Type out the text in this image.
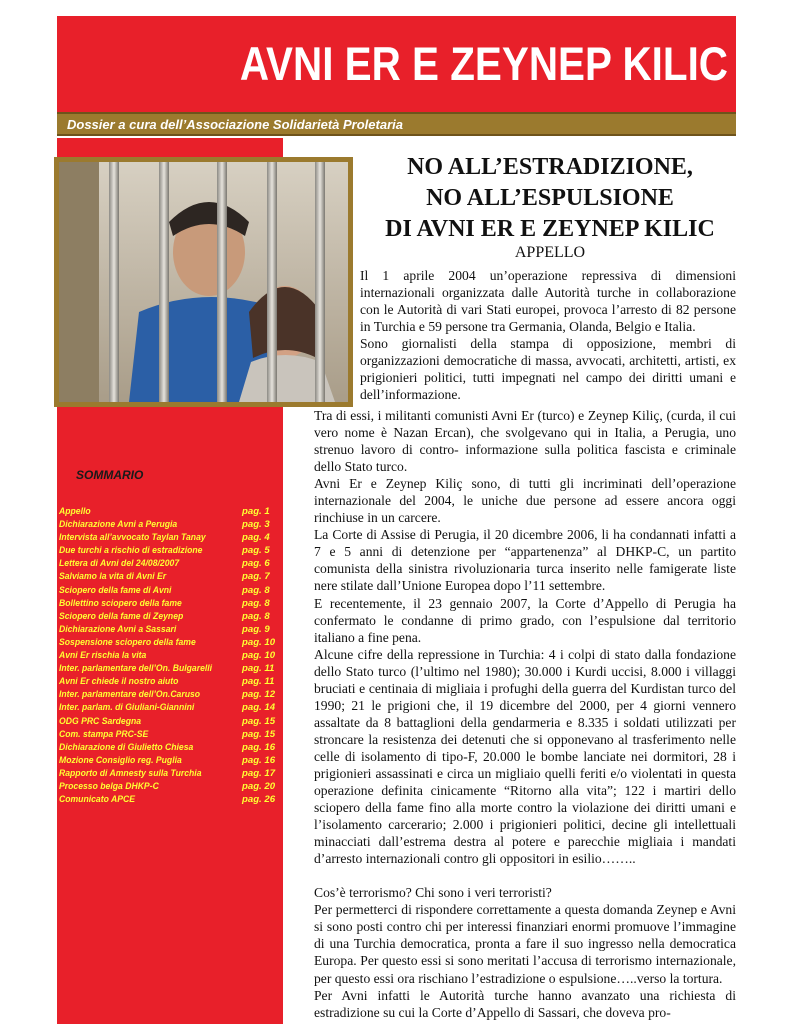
AVNI ER E ZEYNEP KILIC
Dossier a cura dell’Associazione Solidarietà Proletaria
SOMMARIO
Appello	pag. 1
Dichiarazione Avni a Perugia	pag. 3
Intervista all’avvocato Taylan Tanay	pag. 4
Due turchi a rischio di estradizione	pag. 5
Lettera di Avni del 24/08/2007	pag. 6
Salviamo la vita di Avni Er	pag. 7
Sciopero della fame di Avni	pag. 8
Bollettino sciopero della fame	pag. 8
Sciopero della fame di Zeynep	pag. 8
Dichiarazione Avni a Sassari	pag. 9
Sospensione sciopero della fame	pag. 10
Avni Er rischia la vita	pag. 10
Inter. parlamentare dell’On. Bulgarelli	pag. 11
Avni Er chiede il nostro aiuto	pag. 11
Inter. parlamentare dell’On.Caruso	pag. 12
Inter. parlam. di Giuliani-Giannini	pag. 14
ODG PRC Sardegna	pag. 15
Com. stampa PRC-SE	pag. 15
Dichiarazione di Giulietto Chiesa	pag. 16
Mozione Consiglio reg. Puglia	pag. 16
Rapporto di Amnesty sulla Turchia	pag. 17
Processo belga DHKP-C	pag. 20
Comunicato APCE	pag. 26
NO ALL’ESTRADIZIONE,
NO ALL’ESPULSIONE
DI AVNI ER E ZEYNEP KILIC
APPELLO

Il 1 aprile 2004 un’operazione repressiva di dimensioni internazionali organizzata dalle Autorità turche in collaborazione con le Autorità di vari Stati europei, provoca l’arresto di 82 persone in Turchia e 59 persone tra Germania, Olanda, Belgio e Italia.

Sono giornalisti della stampa di opposizione, membri di organizzazioni democratiche di massa, avvocati, architetti, artisti, ex prigionieri politici, tutti impegnati nel campo dei diritti umani e dell’informazione.

Tra di essi, i militanti comunisti Avni Er (turco) e Zeynep Kiliç, (curda, il cui vero nome è Nazan Ercan), che svolgevano qui in Italia, a Perugia, uno strenuo lavoro di contro- informazione sulla politica fascista e criminale dello Stato turco.

Avni Er e Zeynep Kiliç sono, di tutti gli incriminati dell’operazione internazionale del 2004, le uniche due persone ad essere ancora oggi rinchiuse in un carcere.

La Corte di Assise di Perugia, il 20 dicembre 2006, li ha condannati infatti a 7 e 5 anni di detenzione per “appartenenza” al DHKP-C, un partito comunista della sinistra rivoluzionaria turca inserito nelle famigerate liste nere stilate dall’Unione Europea dopo l’11 settembre.

E recentemente, il 23 gennaio 2007, la Corte d’Appello di Perugia ha confermato le condanne di primo grado, con l’espulsione dal territorio italiano a fine pena.

Alcune cifre della repressione in Turchia: 4 i colpi di stato dalla fondazione dello Stato turco (l’ultimo nel 1980); 30.000 i Kurdi uccisi, 8.000 i villaggi bruciati e centinaia di migliaia i profughi della guerra del Kurdistan turco del 1990; 21 le prigioni che, il 19 dicembre del 2000, per 4 giorni vennero assaltate da 8 battaglioni della gendarmeria e 8.335 i soldati utilizzati per stroncare la resistenza dei detenuti che si opponevano al trasferimento nelle celle di isolamento di tipo-F, 20.000 le bombe lanciate nei dormitori, 28 i prigionieri assassinati e circa un migliaio quelli feriti e/o violentati in questa operazione definita cinicamente “Ritorno alla vita”; 122 i martiri dello sciopero della fame fino alla morte contro la violazione dei diritti umani e l’isolamento carcerario; 2.000 i prigionieri politici, decine gli intellettuali minacciati dall’estrema destra al potere e parecchie migliaia i mandati d’arresto internazionali contro gli oppositori in esilio……..

Cos’è terrorismo? Chi sono i veri terroristi?

Per permetterci di rispondere correttamente a questa domanda Zeynep e Avni si sono posti contro chi per interessi finanziari enormi promuove l’immagine di una Turchia democratica, pronta a fare il suo ingresso nella democratica Europa. Per questo essi si sono meritati l’accusa di terrorismo internazionale, per questo essi ora rischiano l’estradizione o espulsione…..verso la tortura.

Per Avni infatti le Autorità turche hanno avanzato una richiesta di estradizione su cui la Corte d’Appello di Sassari, che doveva pro-
